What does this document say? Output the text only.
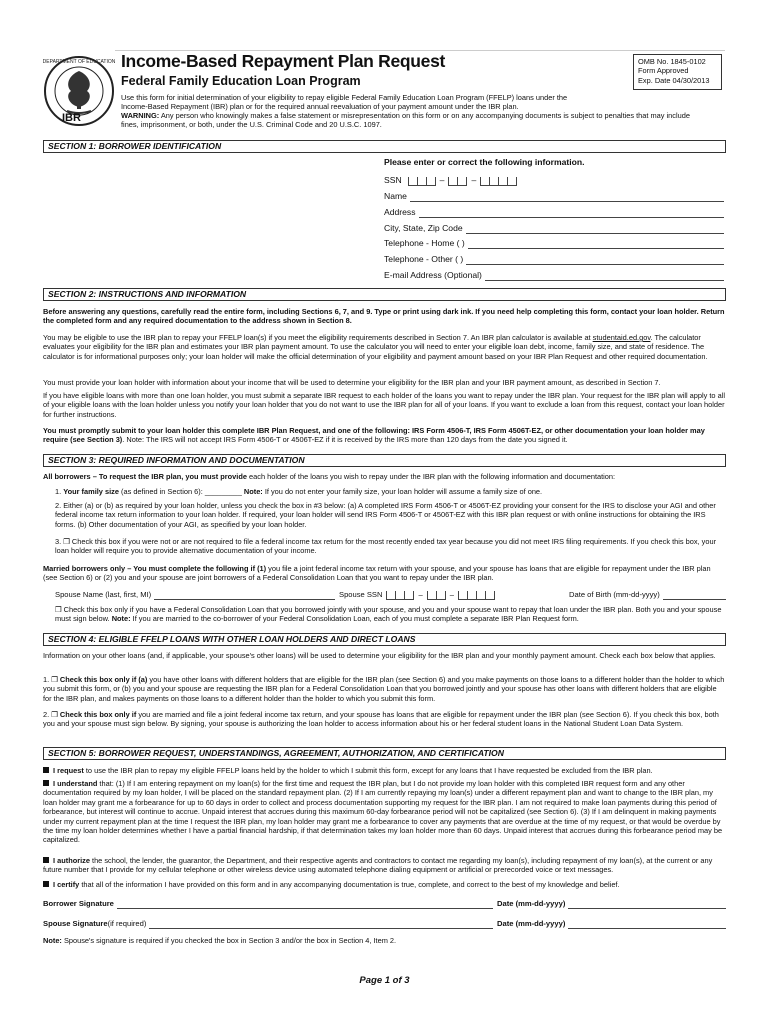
DEPARTMENT OF EDUCATION
IBR
Income-Based Repayment Plan Request
Federal Family Education Loan Program
Use this form for initial determination of your eligibility to repay eligible Federal Family Education Loan Program (FFELP) loans under the Income-Based Repayment (IBR) plan or for the required annual reevaluation of your payment amount under the IBR plan.
OMB No. 1845-0102
Form Approved
Exp. Date 04/30/2013
WARNING: Any person who knowingly makes a false statement or misrepresentation on this form or on any accompanying documents is subject to penalties that may include fines, imprisonment, or both, under the U.S. Criminal Code and 20 U.S.C. 1097.
SECTION 1: BORROWER IDENTIFICATION
Please enter or correct the following information.
SSN	–	–
Name
Address
City, State, Zip Code
Telephone - Home ( )
Telephone - Other ( )
E-mail Address (Optional)
SECTION 2: INSTRUCTIONS AND INFORMATION
Before answering any questions, carefully read the entire form, including Sections 6, 7, and 9. Type or print using dark ink. If you need help completing this form, contact your loan holder. Return the completed form and any required documentation to the address shown in Section 8.
You may be eligible to use the IBR plan to repay your FFELP loan(s) if you meet the eligibility requirements described in Section 7. An IBR plan calculator is available at studentaid.ed.gov. The calculator evaluates your eligibility for the IBR plan and estimates your IBR plan payment amount. To use the calculator you will need to enter your eligible loan debt, income, family size, and state of residence. The calculator is for informational purposes only; your loan holder will make the official determination of your eligibility and payment amount based on your IBR Plan Request and other required documentation.
You must provide your loan holder with information about your income that will be used to determine your eligibility for the IBR plan and your IBR payment amount, as described in Section 7.
If you have eligible loans with more than one loan holder, you must submit a separate IBR request to each holder of the loans you want to repay under the IBR plan. Your request for the IBR plan will apply to all of your eligible loans with the loan holder unless you notify your loan holder that you do not want to use the IBR plan for all of your loans. If you want to exclude a loan from this request, contact your loan holder for further instructions.
You must promptly submit to your loan holder this complete IBR Plan Request, and one of the following: IRS Form 4506-T, IRS Form 4506T-EZ, or other documentation your loan holder may require (see Section 3). Note: The IRS will not accept IRS Form 4506-T or 4506T-EZ if it is received by the IRS more than 120 days from the date you signed it.
SECTION 3: REQUIRED INFORMATION AND DOCUMENTATION
All borrowers – To request the IBR plan, you must provide each holder of the loans you wish to repay under the IBR plan with the following information and documentation:
1. Your family size (as defined in Section 6): _________ Note: If you do not enter your family size, your loan holder will assume a family size of one.
2. Either (a) or (b) as required by your loan holder, unless you check the box in #3 below: (a) A completed IRS Form 4506-T or 4506T-EZ providing your consent for the IRS to disclose your AGI and other federal income tax return information to your loan holder. If required, your loan holder will send IRS Form 4506-T or 4506T-EZ with this IBR plan request or with online instructions for obtaining the IRS forms. (b) Other documentation of your AGI, as specified by your loan holder.
3. ❒ Check this box if you were not or are not required to file a federal income tax return for the most recently ended tax year because you did not meet IRS filing requirements. If you check this box, your loan holder will require you to provide alternative documentation of your income.
Married borrowers only – You must complete the following if (1) you file a joint federal income tax return with your spouse, and your spouse has loans that are eligible for repayment under the IBR plan (see Section 6) or (2) you and your spouse are joint borrowers of a Federal Consolidation Loan that you want to repay under the IBR plan.
Spouse Name (last, first, MI)	Spouse SSN	–	–	Date of Birth (mm-dd-yyyy)
❒ Check this box only if you have a Federal Consolidation Loan that you borrowed jointly with your spouse, and you and your spouse want to repay that loan under the IBR plan. Both you and your spouse must sign below. Note: If you are married to the co-borrower of your Federal Consolidation Loan, each of you must complete a separate IBR Plan Request form.
SECTION 4: ELIGIBLE FFELP LOANS WITH OTHER LOAN HOLDERS AND DIRECT LOANS
Information on your other loans (and, if applicable, your spouse's other loans) will be used to determine your eligibility for the IBR plan and your monthly payment amount. Check each box below that applies.
1. ❒ Check this box only if (a) you have other loans with different holders that are eligible for the IBR plan (see Section 6) and you make payments on those loans to a different holder than the holder to which you submit this form, or (b) you and your spouse are requesting the IBR plan for a Federal Consolidation Loan that you borrowed jointly and your spouse has other loans with different holders that are eligible for the IBR plan, and makes payments on those loans to a different holder than the holder to which you submit this form.
2. ❒ Check this box only if you are married and file a joint federal income tax return, and your spouse has loans that are eligible for repayment under the IBR plan (see Section 6). If you check this box, both you and your spouse must sign below. By signing, your spouse is authorizing the loan holder to access information about his or her federal student loans in the National Student Loan Data System.
SECTION 5: BORROWER REQUEST, UNDERSTANDINGS, AGREEMENT, AUTHORIZATION, AND CERTIFICATION
I request to use the IBR plan to repay my eligible FFELP loans held by the holder to which I submit this form, except for any loans that I have requested be excluded from the IBR plan.
I understand that: (1) If I am entering repayment on my loan(s) for the first time and request the IBR plan, but I do not provide my loan holder with this completed IBR request form and any other documentation required by my loan holder, I will be placed on the standard repayment plan. (2) If I am currently repaying my loan(s) under a different repayment plan and want to change to the IBR plan, my loan holder may grant me a forbearance for up to 60 days in order to collect and process documentation supporting my request for the IBR plan. I am not required to make loan payments during this period of forbearance, but interest will continue to accrue. Unpaid interest that accrues during this maximum 60-day forbearance period will not be capitalized (see Section 6). (3) If I am delinquent in making payments under my current repayment plan at the time I request the IBR plan, my loan holder may grant me a forbearance to cover any payments that are overdue at the time of my request, or that would be overdue by the time my loan holder determines whether I have a partial financial hardship, if that determination takes my loan holder more than 60 days. Unpaid interest that accrues during this forbearance period may be capitalized.
I authorize the school, the lender, the guarantor, the Department, and their respective agents and contractors to contact me regarding my loan(s), including repayment of my loan(s), at the current or any future number that I provide for my cellular telephone or other wireless device using automated telephone dialing equipment or artificial or prerecorded voice or text messages.
I certify that all of the information I have provided on this form and in any accompanying documentation is true, complete, and correct to the best of my knowledge and belief.
Borrower Signature	Date (mm-dd-yyyy)
Spouse Signature (if required)	Date (mm-dd-yyyy)
Note: Spouse's signature is required if you checked the box in Section 3 and/or the box in Section 4, Item 2.
Page 1 of 3
